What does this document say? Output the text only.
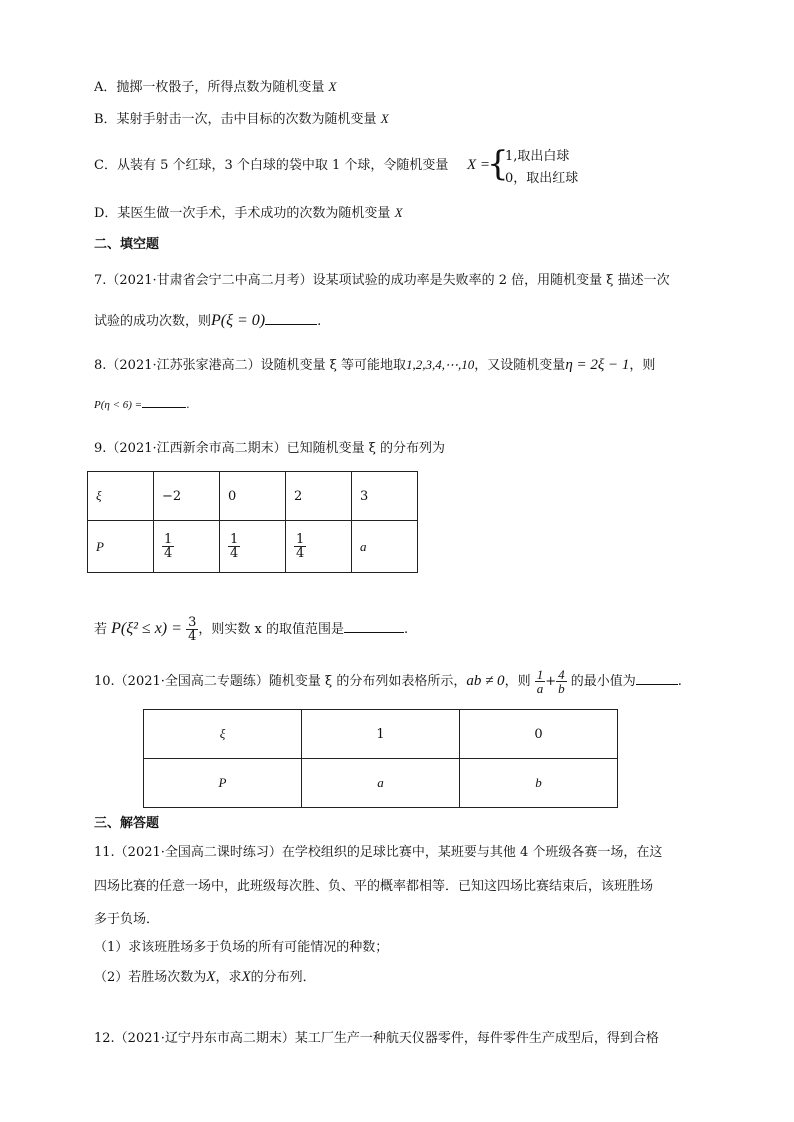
A．抛掷一枚骰子，所得点数为随机变量 X
B．某射手射击一次，击中目标的次数为随机变量 X
C．从装有 5 个红球，3 个白球的袋中取 1 个球，令随机变量 X =
{
1,取出白球
0，取出红球
D．某医生做一次手术，手术成功的次数为随机变量 X
二、填空题
7.（2021·甘肃省会宁二中高二月考）设某项试验的成功率是失败率的 2 倍，用随机变量 ξ 描述一次
试验的成功次数，则P(ξ = 0)	.
8.（2021·江苏张家港高二）设随机变量 ξ 等可能地取1,2,3,4,⋯,10，又设随机变量η = 2ξ − 1，则
P(η < 6) =	.
9.（2021·江西新余市高二期末）已知随机变量 ξ 的分布列为
ξ	−2	0	2	3
P	$\frac{1}{4}$	$\frac{1}{4}$	$\frac{1}{4}$	a
若 $P(\xi^2 \le x) = \frac{3}{4}$ ，则实数 x 的取值范围是	.
10.（2021·全国高二专题练）随机变量 ξ 的分布列如表格所示，ab ≠ 0，则 $\frac{1}{a} + \frac{4}{b}$ 的最小值为	.
ξ	1	0
P	a	b
三、解答题
11.（2021·全国高二课时练习）在学校组织的足球比赛中，某班要与其他 4 个班级各赛一场，在这
四场比赛的任意一场中，此班级每次胜、负、平的概率都相等．已知这四场比赛结束后，该班胜场
多于负场．
（1）求该班胜场多于负场的所有可能情况的种数；
（2）若胜场次数为X，求X的分布列．
12.（2021·辽宁丹东市高二期末）某工厂生产一种航天仪器零件，每件零件生产成型后，得到合格
